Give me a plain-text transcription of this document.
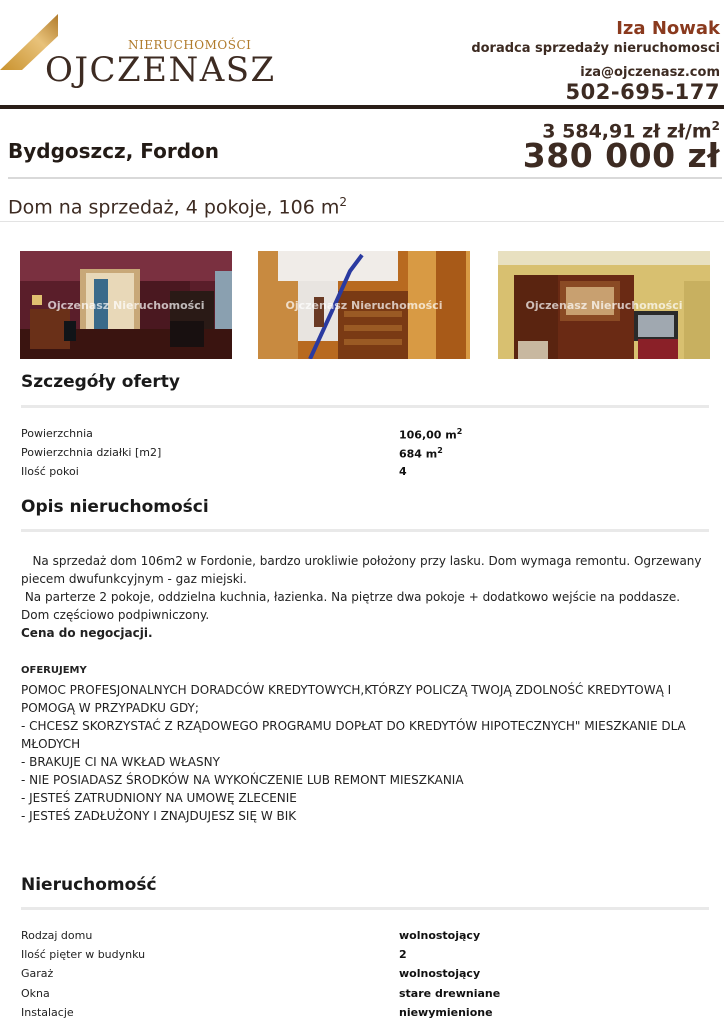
NIERUCHOMOŚCI
OJCZENASZ
Iza Nowak
doradca sprzedaży nieruchomosci
iza@ojczenasz.com
502-695-177
Bydgoszcz, Fordon
3 584,91 zł $zł/m^2$
380 000 zł
Dom na sprzedaż, 4 pokoje, 106 $m^2$
Ojczenasz Nieruchomości	Ojczenasz Nieruchomości	Ojczenasz Nieruchomości
Szczegóły oferty
Powierzchnia	106,00 $m^2$
Powierzchnia działki [m2]	684 $m^2$
Ilość pokoi	4
Opis nieruchomości

Na sprzedaż dom 106m2 w Fordonie, bardzo urokliwie położony przy lasku. Dom wymaga remontu. Ogrzewany piecem dwufunkcyjnym - gaz miejski.

Na parterze 2 pokoje, oddzielna kuchnia, łazienka. Na piętrze dwa pokoje + dodatkowo wejście na poddasze. Dom częściowo podpiwniczony.

Cena do negocjacji.

OFERUJEMY
POMOC PROFESJONALNYCH DORADCÓW KREDYTOWYCH,KTÓRZY POLICZĄ TWOJĄ ZDOLNOŚĆ KREDYTOWĄ I POMOGĄ W PRZYPADKU GDY;
- CHCESZ SKORZYSTAĆ Z RZĄDOWEGO PROGRAMU DOPŁAT DO KREDYTÓW HIPOTECZNYCH" MIESZKANIE DLA MŁODYCH
- BRAKUJE CI NA WKŁAD WŁASNY
- NIE POSIADASZ ŚRODKÓW NA WYKOŃCZENIE LUB REMONT MIESZKANIA
- JESTEŚ ZATRUDNIONY NA UMOWĘ ZLECENIE
- JESTEŚ ZADŁUŻONY I ZNAJDUJESZ SIĘ W BIK
Nieruchomość
Rodzaj domu	wolnostojący
Ilość pięter w budynku	2
Garaż	wolnostojący
Okna	stare drewniane
Instalacje	niewymienione
